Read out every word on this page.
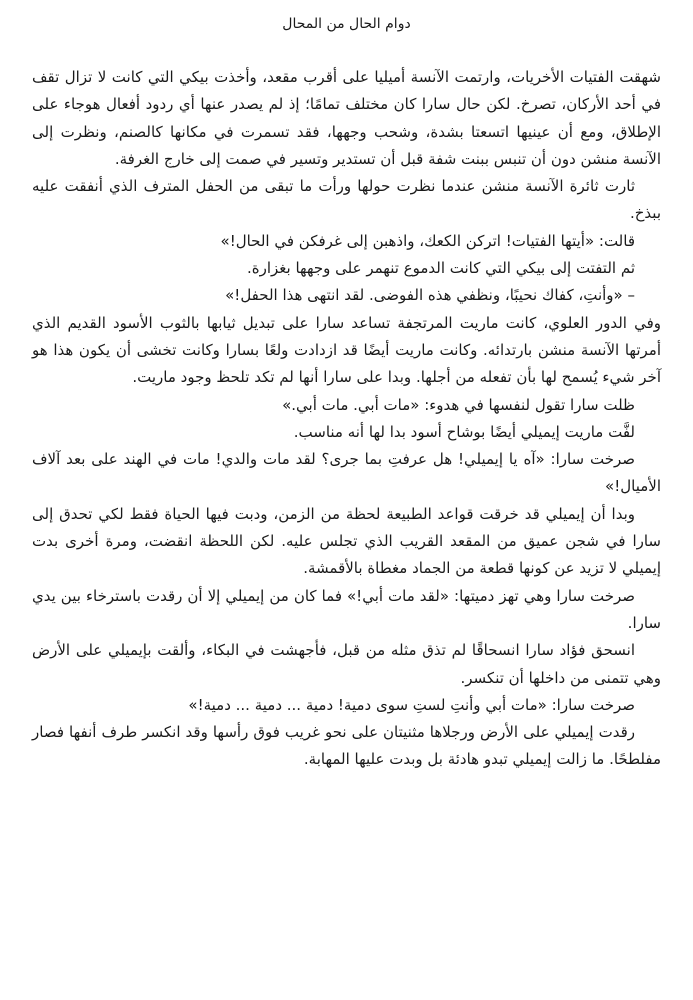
دوام الحال من المحال

شهقت الفتيات الأخريات، وارتمت الآنسة أميليا على أقرب مقعد، وأخذت بيكي التي كانت لا تزال تقف في أحد الأركان، تصرخ. لكن حال سارا كان مختلف تمامًا؛ إذ لم يصدر عنها أي ردود أفعال هوجاء على الإطلاق، ومع أن عينيها اتسعتا بشدة، وشحب وجهها، فقد تسمرت في مكانها كالصنم، ونظرت إلى الآنسة منشن دون أن تنبس ببنت شفة قبل أن تستدير وتسير في صمت إلى خارج الغرفة.

ثارت ثائرة الآنسة منشن عندما نظرت حولها ورأت ما تبقى من الحفل المترف الذي أنفقت عليه ببذخ.

قالت: «أيتها الفتيات! اتركن الكعك، واذهبن إلى غرفكن في الحال!»

ثم التفتت إلى بيكي التي كانت الدموع تنهمر على وجهها بغزارة.

– «وأنتِ، كفاك نحيبًا، ونظفي هذه الفوضى. لقد انتهى هذا الحفل!»

وفي الدور العلوي، كانت ماريت المرتجفة تساعد سارا على تبديل ثيابها بالثوب الأسود القديم الذي أمرتها الآنسة منشن بارتدائه. وكانت ماريت أيضًا قد ازدادت ولعًا بسارا وكانت تخشى أن يكون هذا هو آخر شيء يُسمح لها بأن تفعله من أجلها. وبدا على سارا أنها لم تكد تلحظ وجود ماريت.

ظلت سارا تقول لنفسها في هدوء: «مات أبي. مات أبي.»

لفَّت ماريت إيميلي أيضًا بوشاح أسود بدا لها أنه مناسب.

صرخت سارا: «آه يا إيميلي! هل عرفتِ بما جرى؟ لقد مات والدي! مات في الهند على بعد آلاف الأميال!»

وبدا أن إيميلي قد خرقت قواعد الطبيعة لحظة من الزمن، ودبت فيها الحياة فقط لكي تحدق إلى سارا في شجن عميق من المقعد القريب الذي تجلس عليه. لكن اللحظة انقضت، ومرة أخرى بدت إيميلي لا تزيد عن كونها قطعة من الجماد مغطاة بالأقمشة.

صرخت سارا وهي تهز دميتها: «لقد مات أبي!» فما كان من إيميلي إلا أن رقدت باسترخاء بين يدي سارا.

انسحق فؤاد سارا انسحاقًا لم تذق مثله من قبل، فأجهشت في البكاء، وألقت بإيميلي على الأرض وهي تتمنى من داخلها أن تنكسر.

صرخت سارا: «مات أبي وأنتِ لستِ سوى دمية! دمية ... دمية ... دمية!»

رقدت إيميلي على الأرض ورجلاها مثنيتان على نحو غريب فوق رأسها وقد انكسر طرف أنفها فصار مفلطحًا. ما زالت إيميلي تبدو هادئة بل وبدت عليها المهابة.
